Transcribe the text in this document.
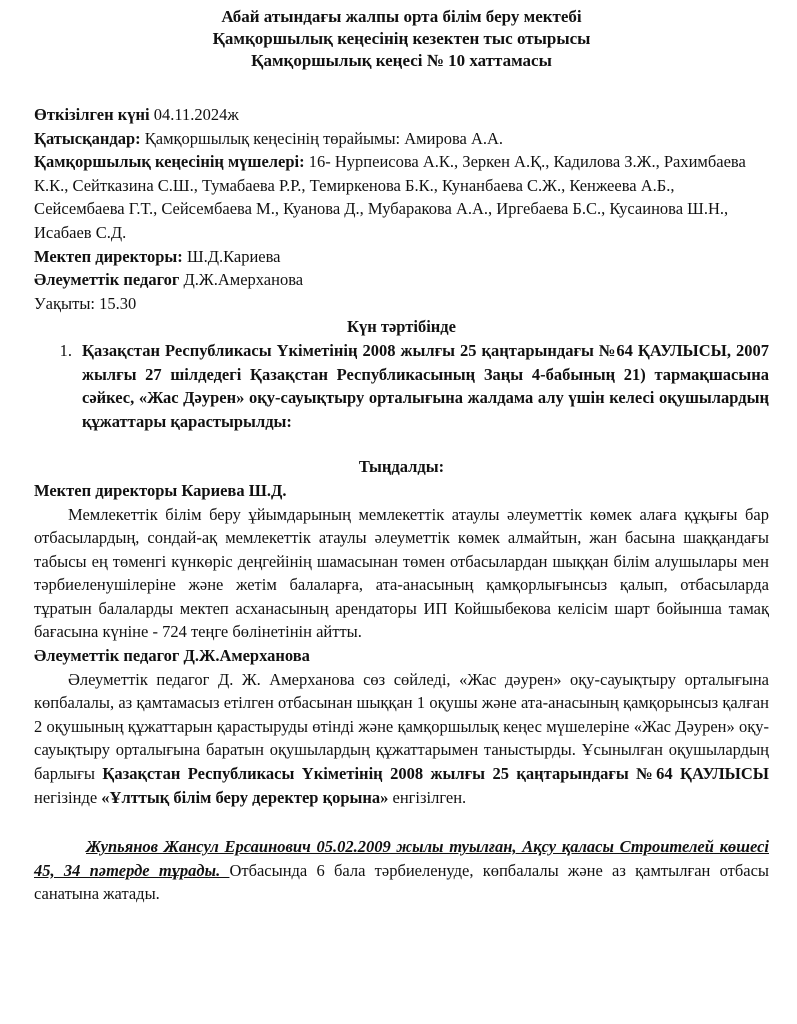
Абай атындағы жалпы орта білім беру мектебі
Қамқоршылық кеңесінің кезектен тыс отырысы
Қамқоршылық кеңесі № 10 хаттамасы
Өткізілген күні 04.11.2024ж
Қатысқандар: Қамқоршылық кеңесінің төрайымы: Амирова А.А.
Қамқоршылық кеңесінің мүшелері: 16- Нурпеисова А.К., Зеркен А.Қ., Кадилова З.Ж., Рахимбаева К.К., Сейтказина С.Ш., Тумабаева Р.Р., Темиркенова Б.К., Кунанбаева С.Ж., Кенжеева А.Б., Сейсембаева Г.Т., Сейсембаева М., Куанова Д., Мубаракова А.А., Иргебаева Б.С., Кусаинова Ш.Н., Исабаев С.Д.
Мектеп директоры: Ш.Д.Кариева
Әлеуметтік педагог Д.Ж.Амерханова
Уақыты: 15.30
Күн тәртібінде
1. Қазақстан Республикасы Үкіметінің 2008 жылғы 25 қаңтарындағы №64 ҚАУЛЫСЫ, 2007 жылғы 27 шілдедегі Қазақстан Республикасының Заңы 4-бабының 21) тармақшасына сәйкес, «Жас Дәурен» оқу-сауықтыру орталығына жалдама алу үшін келесі оқушылардың құжаттары қарастырылды:
Тыңдалды:
Мектеп директоры Кариева Ш.Д.
Мемлекеттік білім беру ұйымдарының мемлекеттік атаулы әлеуметтік көмек алаға құқығы бар отбасылардың, сондай-ақ мемлекеттік атаулы әлеуметтік көмек алмайтын, жан басына шаққандағы табысы ең төменгі күнкөріс деңгейінің шамасынан төмен отбасылардан шыққан білім алушылары мен тәрбиеленушілеріне және жетім балаларға, ата-анасының қамқорлығынсыз қалып, отбасыларда тұратын балаларды мектеп асханасының арендаторы ИП Койшыбекова келісім шарт бойынша тамақ бағасына күніне - 724 теңге бөлінетінін айтты.
Әлеуметтік педагог Д.Ж.Амерханова
Әлеуметтік педагог Д. Ж. Амерханова сөз сөйледі, «Жас дәурен» оқу-сауықтыру орталығына көпбалалы, аз қамтамасыз етілген отбасынан шыққан 1 оқушы және ата-анасының қамқорынсыз қалған 2 оқушының құжаттарын қарастыруды өтінді және қамқоршылық кеңес мүшелеріне «Жас Дәурен» оқу-сауықтыру орталығына баратын оқушылардың құжаттарымен таныстырды. Ұсынылған оқушылардың барлығы Қазақстан Республикасы Үкіметінің 2008 жылғы 25 қаңтарындағы №64 ҚАУЛЫСЫ негізінде «Ұлттық білім беру деректер қорына» енгізілген.
Жупьянов Жансул Ерсаинович 05.02.2009 жылы туылған, Ақсу қаласы Строителей көшесі 45, 34 пәтерде тұрады. Отбасында 6 бала тәрбиеленуде, көпбалалы және аз қамтылған отбасы санатына жатады.
